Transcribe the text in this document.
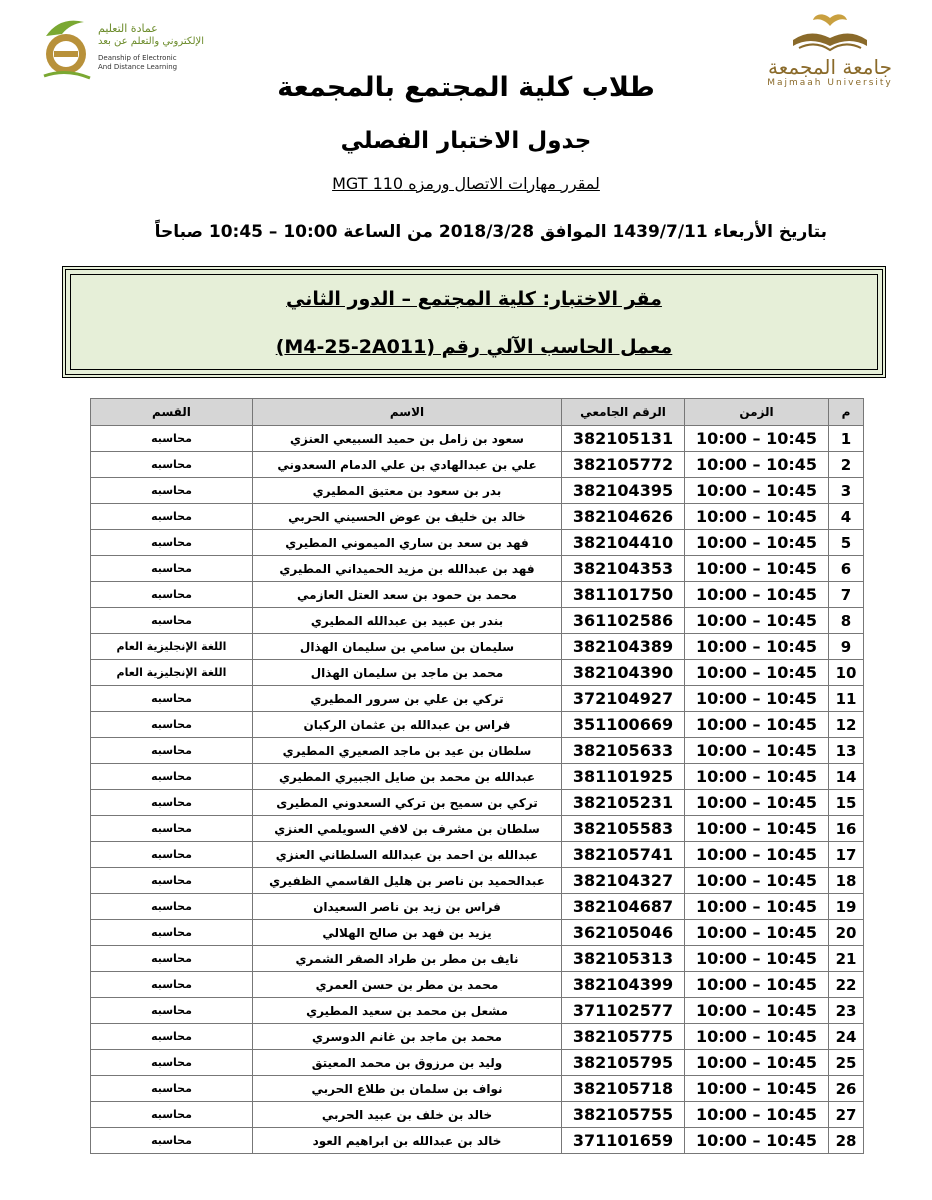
جامعة المجمعة
Majmaah University
عمادة التعليم
الإلكتروني والتعلم عن بعد
Deanship of Electronic
And Distance Learning
طلاب كلية المجتمع بالمجمعة
جدول الاختبار الفصلي
لمقرر مهارات الاتصال ورمزه MGT 110
بتاريخ الأربعاء 1439/7/11 الموافق 2018/3/28 من الساعة 10:00 – 10:45 صباحاً
مقر الاختبار: كلية المجتمع – الدور الثاني
معمل الحاسب الآلي رقم (M4-25-2A011)
م	الزمن	الرقم الجامعي	الاسم	القسم
1	10:00 – 10:45	382105131	سعود بن زامل بن حميد السبيعي العنزي	محاسبه
2	10:00 – 10:45	382105772	علي بن عبدالهادي بن علي الدمام السعدوني	محاسبه
3	10:00 – 10:45	382104395	بدر بن سعود بن معتيق المطيري	محاسبه
4	10:00 – 10:45	382104626	خالد بن خليف بن عوض الحسيني الحربي	محاسبه
5	10:00 – 10:45	382104410	فهد بن سعد بن ساري الميموني المطيري	محاسبه
6	10:00 – 10:45	382104353	فهد بن عبدالله بن مزيد الحميداني المطيري	محاسبه
7	10:00 – 10:45	381101750	محمد بن حمود بن سعد العتل العازمي	محاسبه
8	10:00 – 10:45	361102586	بندر بن عبيد بن عبدالله المطيري	محاسبه
9	10:00 – 10:45	382104389	سليمان بن سامي بن سليمان الهذال	اللغة الإنجليزية العام
10	10:00 – 10:45	382104390	محمد بن ماجد بن سليمان الهذال	اللغة الإنجليزية العام
11	10:00 – 10:45	372104927	تركي بن علي بن سرور المطيري	محاسبه
12	10:00 – 10:45	351100669	فراس بن عبدالله بن عثمان الركبان	محاسبه
13	10:00 – 10:45	382105633	سلطان بن عيد بن ماجد الصعيري المطيري	محاسبه
14	10:00 – 10:45	381101925	عبدالله بن محمد بن صايل الجبيري المطيري	محاسبه
15	10:00 – 10:45	382105231	تركي بن سميح بن تركي السعدوني المطيرى	محاسبه
16	10:00 – 10:45	382105583	سلطان بن مشرف بن لافي السويلمي العنزي	محاسبه
17	10:00 – 10:45	382105741	عبدالله بن احمد بن عبدالله السلطاني العنزي	محاسبه
18	10:00 – 10:45	382104327	عبدالحميد بن ناصر بن هليل القاسمي الظفيري	محاسبه
19	10:00 – 10:45	382104687	فراس بن زيد بن ناصر السعيدان	محاسبه
20	10:00 – 10:45	362105046	يزيد بن فهد بن صالح الهلالي	محاسبه
21	10:00 – 10:45	382105313	نايف بن مطر بن طراد الصقر الشمري	محاسبه
22	10:00 – 10:45	382104399	محمد بن مطر بن حسن العمري	محاسبه
23	10:00 – 10:45	371102577	مشعل بن محمد بن سعيد المطيري	محاسبه
24	10:00 – 10:45	382105775	محمد بن ماجد بن غانم الدوسري	محاسبه
25	10:00 – 10:45	382105795	وليد بن مرزوق بن محمد المعيتق	محاسبه
26	10:00 – 10:45	382105718	نواف بن سلمان بن طلاع الحربي	محاسبه
27	10:00 – 10:45	382105755	خالد بن خلف بن عبيد الحربي	محاسبه
28	10:00 – 10:45	371101659	خالد بن عبدالله بن ابراهيم العود	محاسبه
